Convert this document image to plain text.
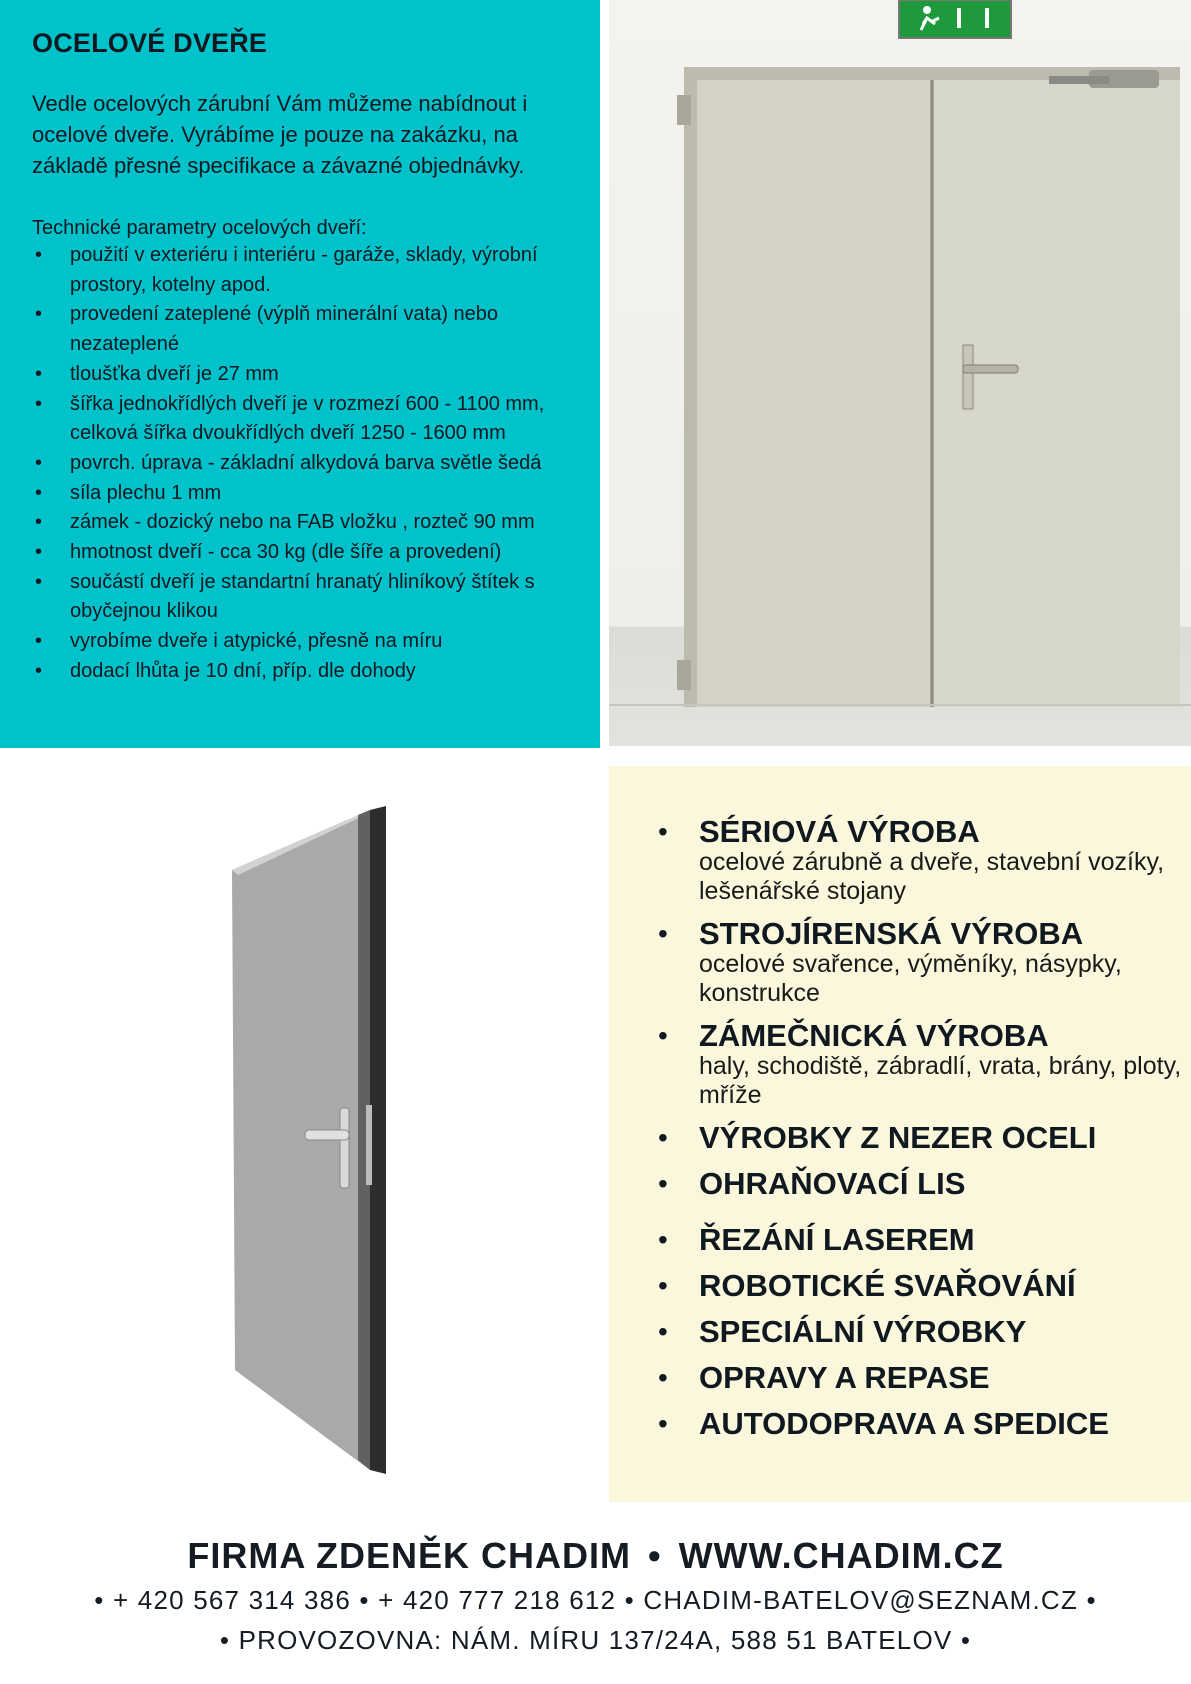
OCELOVÉ DVEŘE

Vedle ocelových zárubní Vám můžeme nabídnout i ocelové dveře. Vyrábíme je pouze na zakázku, na základě přesné specifikace a závazné objednávky.

Technické parametry ocelových dveří:

• použití v exteriéru i interiéru - garáže, sklady, výrobní prostory, kotelny apod.
• provedení zateplené (výplň minerální vata) nebo nezateplené
• tloušťka dveří je 27 mm
• šířka jednokřídlých dveří je v rozmezí 600 - 1100 mm, celková šířka dvoukřídlých dveří 1250 - 1600 mm
• povrch. úprava - základní alkydová barva světle šedá
• síla plechu 1 mm
• zámek - dozický nebo na FAB vložku , rozteč 90 mm
• hmotnost dveří - cca 30 kg (dle šíře a provedení)
• součástí dveří je standartní hranatý hliníkový štítek s obyčejnou klikou
• vyrobíme dveře i atypické, přesně na míru
• dodací lhůta je 10 dní, příp. dle dohody
• SÉRIOVÁ VÝROBA
ocelové zárubně a dveře, stavební vozíky, lešenářské stojany
• STROJÍRENSKÁ VÝROBA
ocelové svařence, výměníky, násypky, konstrukce
• ZÁMEČNICKÁ VÝROBA
haly, schodiště, zábradlí, vrata, brány, ploty, mříže
• VÝROBKY Z NEZER OCELI
• OHRAŇOVACÍ LIS
• ŘEZÁNÍ LASEREM
• ROBOTICKÉ SVAŘOVÁNÍ
• SPECIÁLNÍ VÝROBKY
• OPRAVY A REPASE
• AUTODOPRAVA A SPEDICE
FIRMA ZDENĚK CHADIM • WWW.CHADIM.CZ
• + 420 567 314 386 • + 420 777 218 612 • CHADIM-BATELOV@SEZNAM.CZ •
• PROVOZOVNA: NÁM. MÍRU 137/24A, 588 51 BATELOV •
